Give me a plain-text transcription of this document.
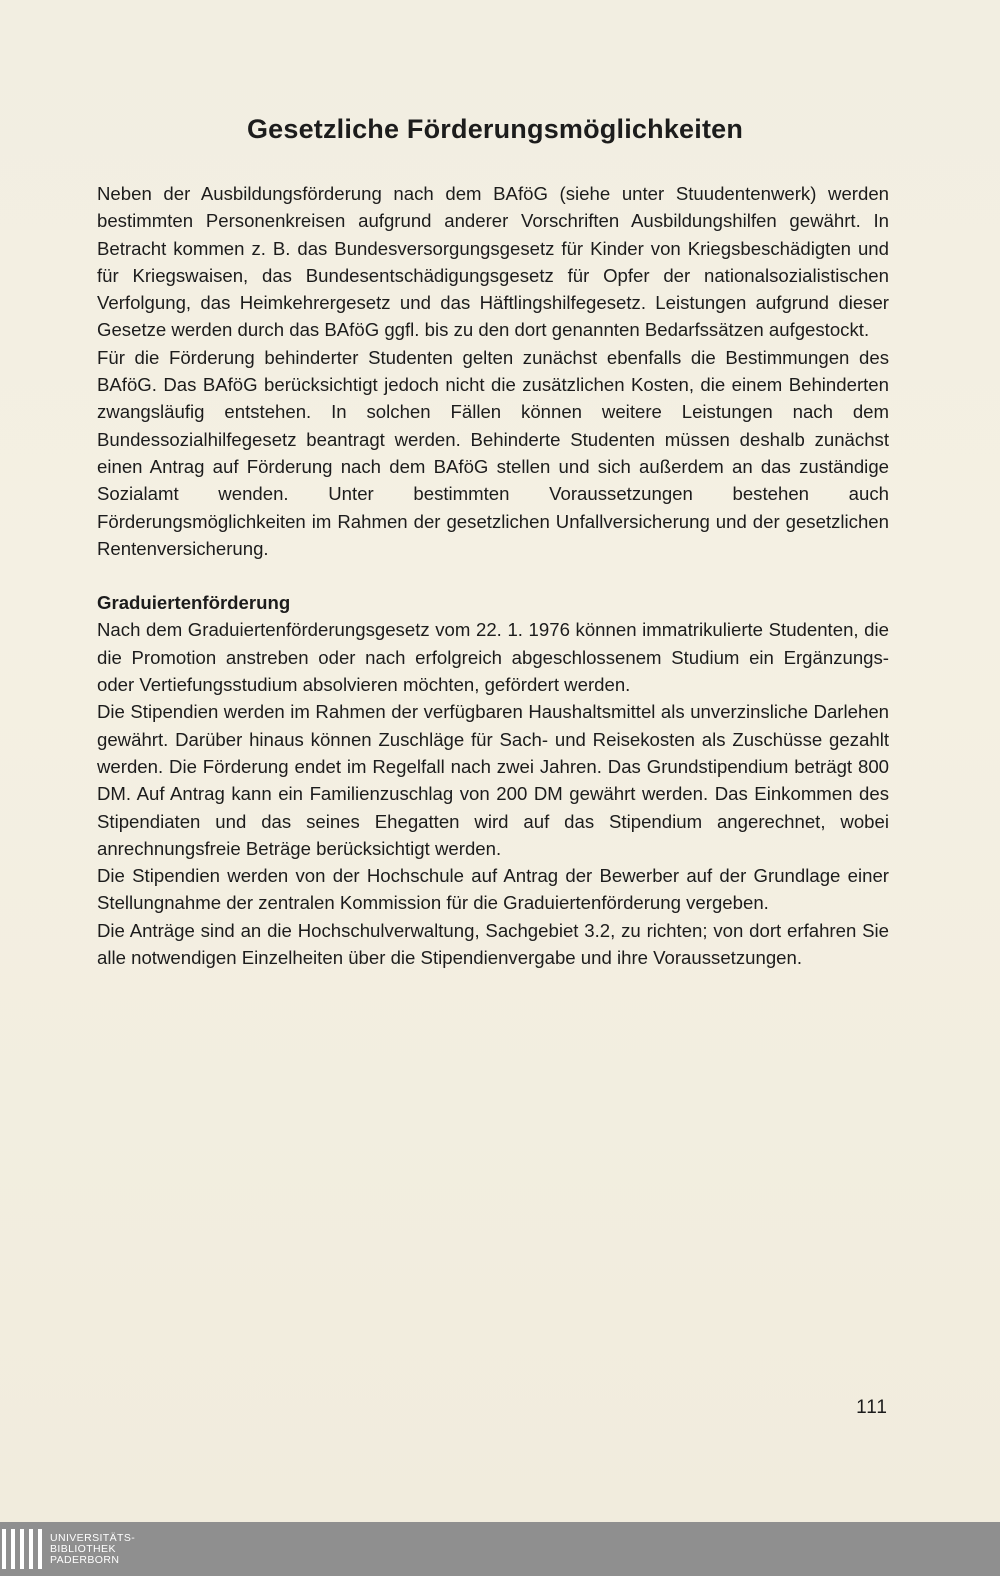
Gesetzliche Förderungsmöglichkeiten

Neben der Ausbildungsförderung nach dem BAföG (siehe unter Stuudentenwerk) werden bestimmten Personenkreisen aufgrund anderer Vorschriften Ausbildungshilfen gewährt. In Betracht kommen z. B. das Bundesversorgungsgesetz für Kinder von Kriegsbeschädigten und für Kriegswaisen, das Bundesentschädigungsgesetz für Opfer der nationalsozialistischen Verfolgung, das Heimkehrergesetz und das Häftlingshilfegesetz. Leistungen aufgrund dieser Gesetze werden durch das BAföG ggfl. bis zu den dort genannten Bedarfssätzen aufgestockt.

Für die Förderung behinderter Studenten gelten zunächst ebenfalls die Bestimmungen des BAföG. Das BAföG berücksichtigt jedoch nicht die zusätzlichen Kosten, die einem Behinderten zwangsläufig entstehen. In solchen Fällen können weitere Leistungen nach dem Bundessozialhilfegesetz beantragt werden. Behinderte Studenten müssen deshalb zunächst einen Antrag auf Förderung nach dem BAföG stellen und sich außerdem an das zuständige Sozialamt wenden. Unter bestimmten Voraussetzungen bestehen auch Förderungsmöglichkeiten im Rahmen der gesetzlichen Unfallversicherung und der gesetzlichen Rentenversicherung.

Graduiertenförderung

Nach dem Graduiertenförderungsgesetz vom 22. 1. 1976 können immatrikulierte Studenten, die die Promotion anstreben oder nach erfolgreich abgeschlossenem Studium ein Ergänzungs- oder Vertiefungsstudium absolvieren möchten, gefördert werden.

Die Stipendien werden im Rahmen der verfügbaren Haushaltsmittel als unverzinsliche Darlehen gewährt. Darüber hinaus können Zuschläge für Sach- und Reisekosten als Zuschüsse gezahlt werden. Die Förderung endet im Regelfall nach zwei Jahren. Das Grundstipendium beträgt 800 DM. Auf Antrag kann ein Familienzuschlag von 200 DM gewährt werden. Das Einkommen des Stipendiaten und das seines Ehegatten wird auf das Stipendium angerechnet, wobei anrechnungsfreie Beträge berücksichtigt werden.

Die Stipendien werden von der Hochschule auf Antrag der Bewerber auf der Grundlage einer Stellungnahme der zentralen Kommission für die Graduiertenförderung vergeben.

Die Anträge sind an die Hochschulverwaltung, Sachgebiet 3.2, zu richten; von dort erfahren Sie alle notwendigen Einzelheiten über die Stipendienvergabe und ihre Voraussetzungen.

111
UNIVERSITÄTS-
BIBLIOTHEK
PADERBORN
